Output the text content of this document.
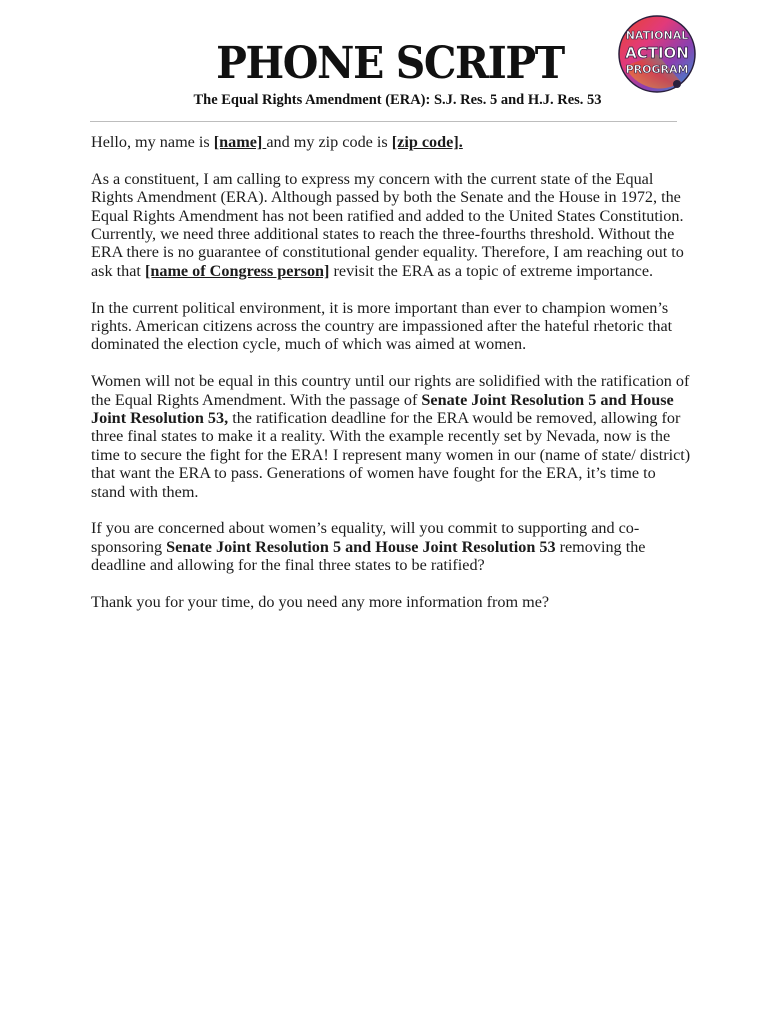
PHONE SCRIPT
NATIONAL
ACTION
PROGRAM
The Equal Rights Amendment (ERA): S.J. Res. 5 and H.J. Res. 53

Hello, my name is [name] and my zip code is [zip code].

As a constituent, I am calling to express my concern with the current state of the Equal Rights Amendment (ERA). Although passed by both the Senate and the House in 1972, the Equal Rights Amendment has not been ratified and added to the United States Constitution. Currently, we need three additional states to reach the three-fourths threshold. Without the ERA there is no guarantee of constitutional gender equality. Therefore, I am reaching out to ask that [name of Congress person] revisit the ERA as a topic of extreme importance.

In the current political environment, it is more important than ever to champion women’s rights. American citizens across the country are impassioned after the hateful rhetoric that dominated the election cycle, much of which was aimed at women.

Women will not be equal in this country until our rights are solidified with the ratification of the Equal Rights Amendment. With the passage of Senate Joint Resolution 5 and House Joint Resolution 53, the ratification deadline for the ERA would be removed, allowing for three final states to make it a reality. With the example recently set by Nevada, now is the time to secure the fight for the ERA! I represent many women in our (name of state/ district) that want the ERA to pass. Generations of women have fought for the ERA, it’s time to stand with them.

If you are concerned about women’s equality, will you commit to supporting and co-sponsoring Senate Joint Resolution 5 and House Joint Resolution 53 removing the deadline and allowing for the final three states to be ratified?

Thank you for your time, do you need any more information from me?
